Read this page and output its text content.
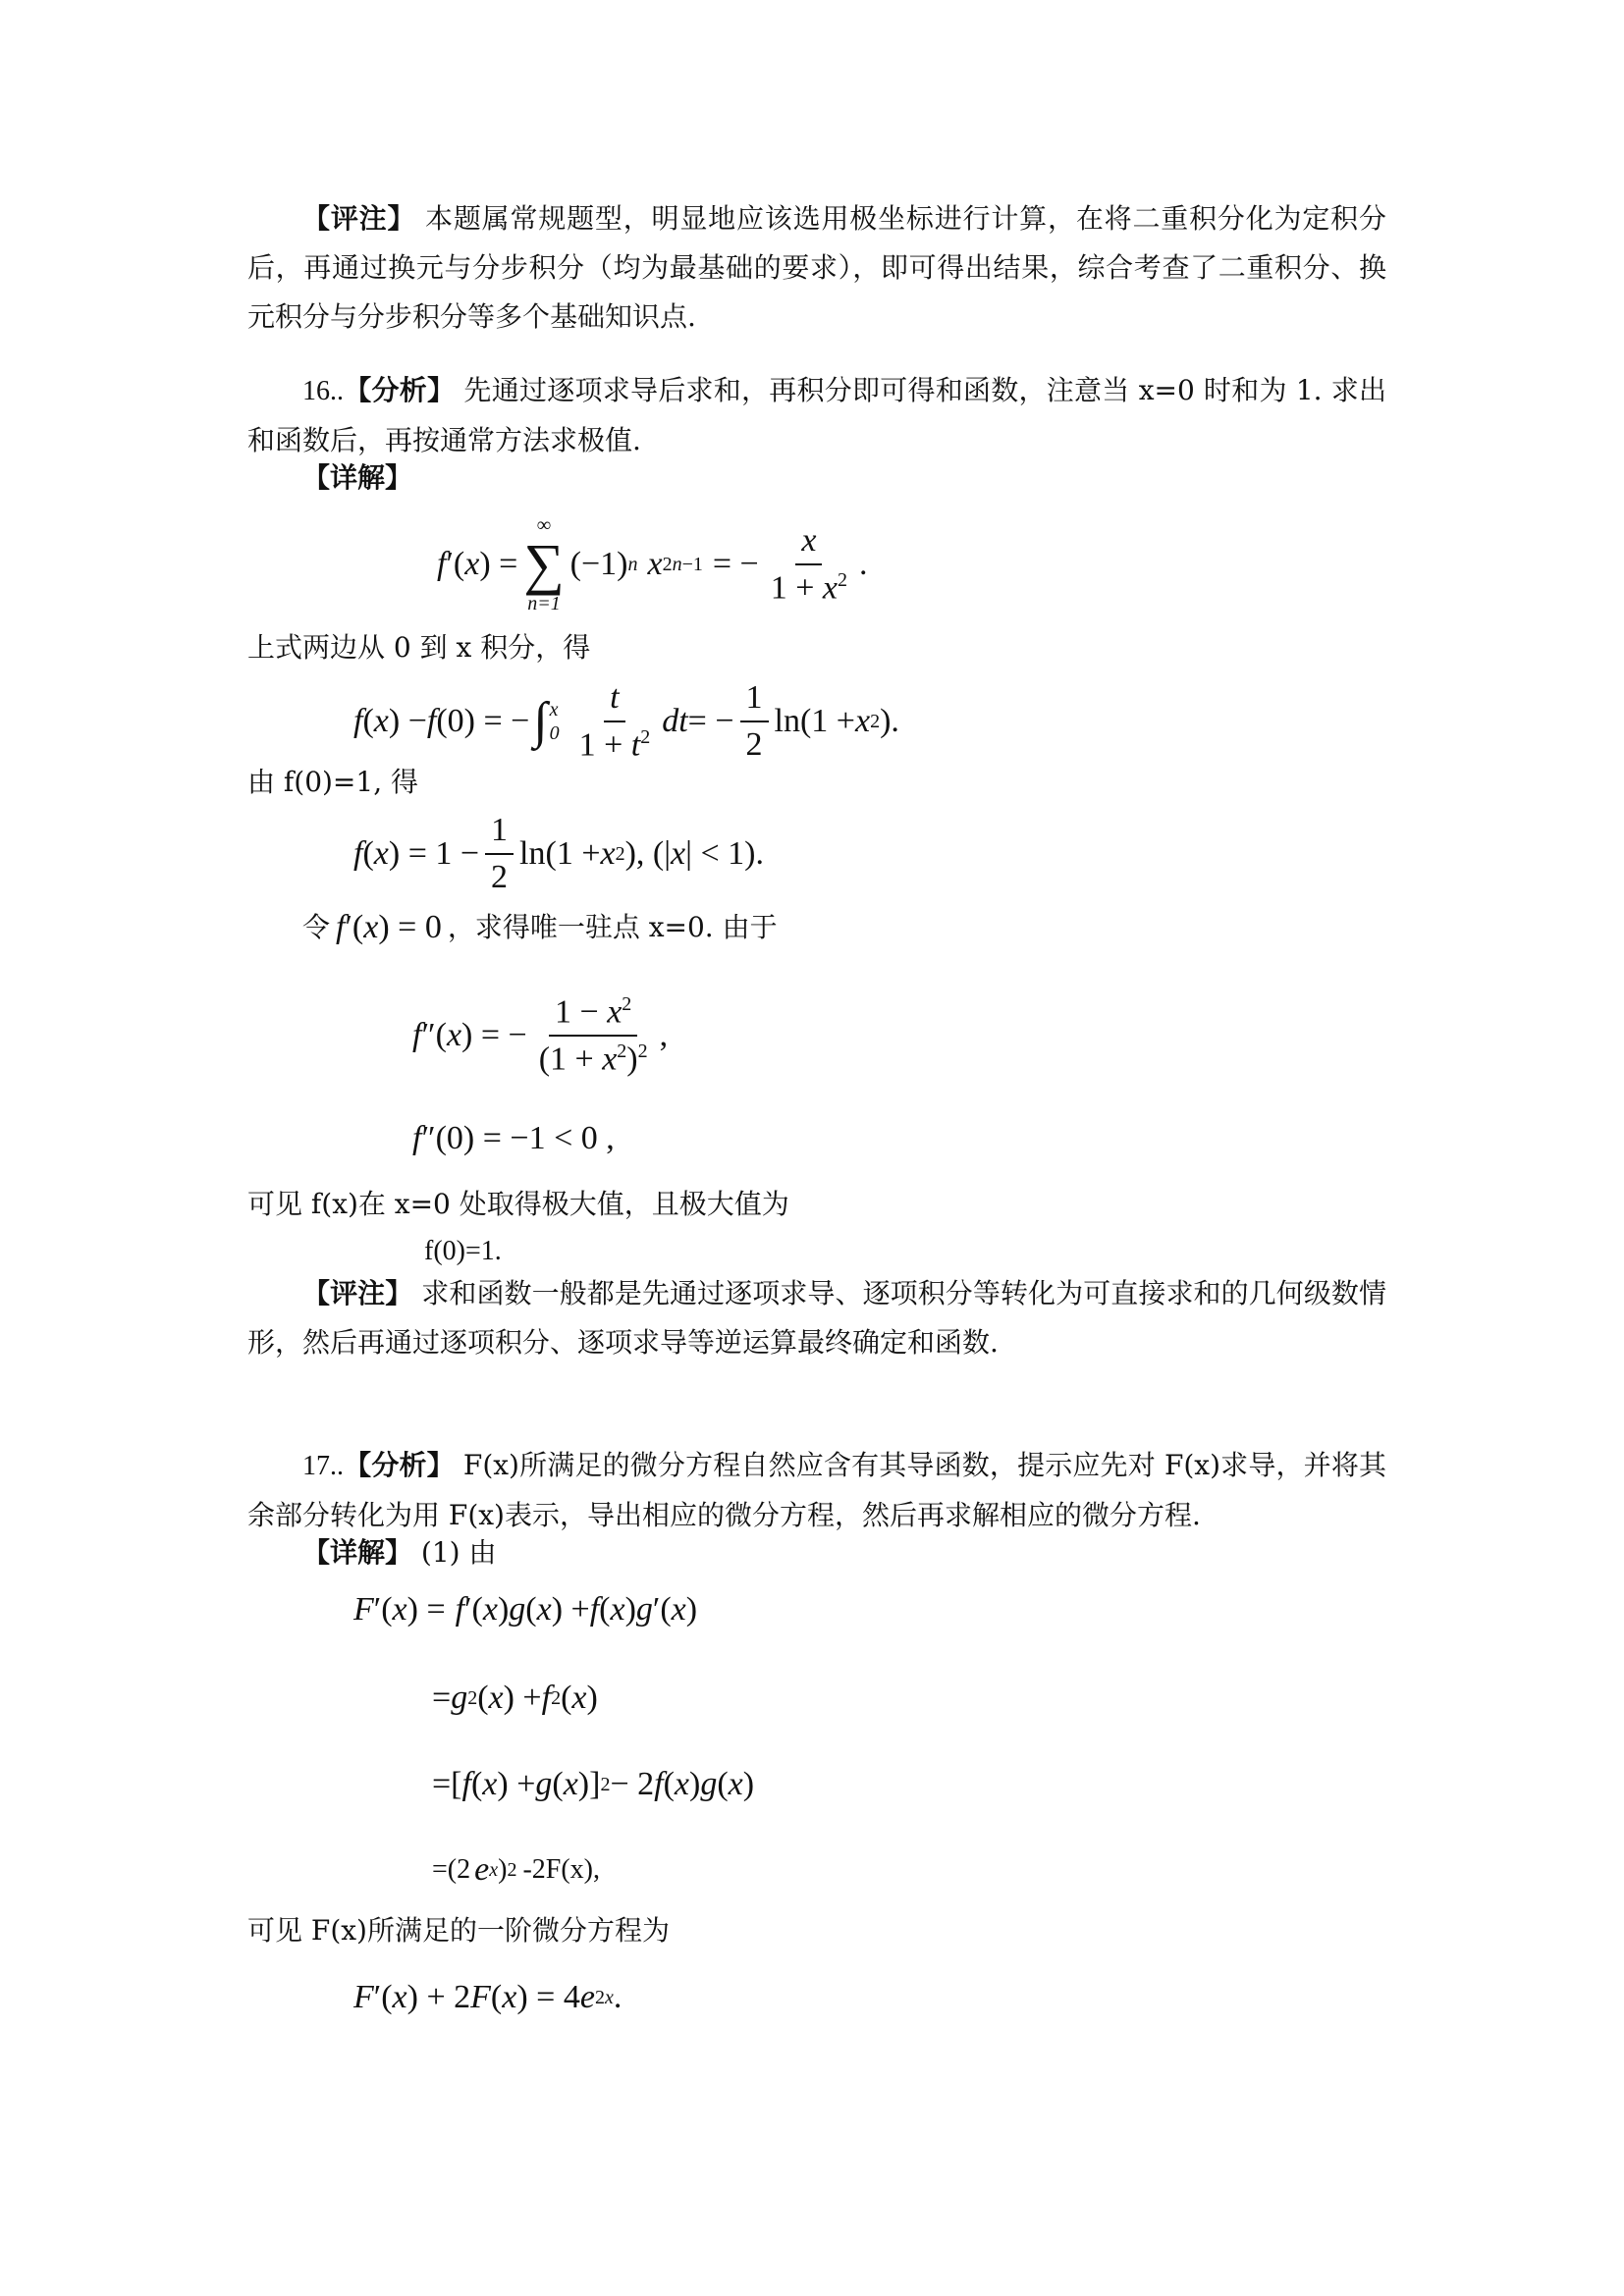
【评注】 本题属常规题型，明显地应该选用极坐标进行计算，在将二重积分化为定积分后，再通过换元与分步积分（均为最基础的要求），即可得出结果，综合考查了二重积分、换元积分与分步积分等多个基础知识点.
16..【分析】 先通过逐项求导后求和，再积分即可得和函数，注意当 x=0 时和为 1. 求出和函数后，再按通常方法求极值.
【详解】
f ′( x ) =
∞
∑
n=1
(−1) n x 2n−1 = − $\frac{x}{1 + x^2}$ .
上式两边从 0 到 x 积分，得
f ( x ) − f (0) = − ∫ x
$0 \frac{t}{1 + t^2}$ dt = − $\frac{1}{2} \ln(1 + x$ 2 ).
由 f(0)=1, 得
f ( x ) = $1 - \frac{1}{2} \ln(1 + x$ 2 ), (| x | < 1).
令 f ′( x ) = 0 ，求得唯一驻点 x=0. 由于
f ″( x ) = − $\frac{1 - x^2}{(1 + x^2)^2}$ ,
f ″(0) = −1 < 0 ,
可见 f(x)在 x=0 处取得极大值，且极大值为
f(0)=1.
【评注】 求和函数一般都是先通过逐项求导、逐项积分等转化为可直接求和的几何级数情形，然后再通过逐项积分、逐项求导等逆运算最终确定和函数.
17..【分析】 F(x)所满足的微分方程自然应含有其导函数，提示应先对 F(x)求导，并将其余部分转化为用 F(x)表示，导出相应的微分方程，然后再求解相应的微分方程.
【详解】 (1) 由
F ′( x ) = f ′( x ) g ( x ) + f ( x ) g ′( x )
= g 2 ( x ) + f 2 ( x )
=[ f ( x ) + g ( x )] 2 − 2 f ( x ) g ( x )
=(2 e x ) 2 -2F(x),
可见 F(x)所满足的一阶微分方程为
F ′( x ) + 2 F ( x ) = 4 e 2x .
